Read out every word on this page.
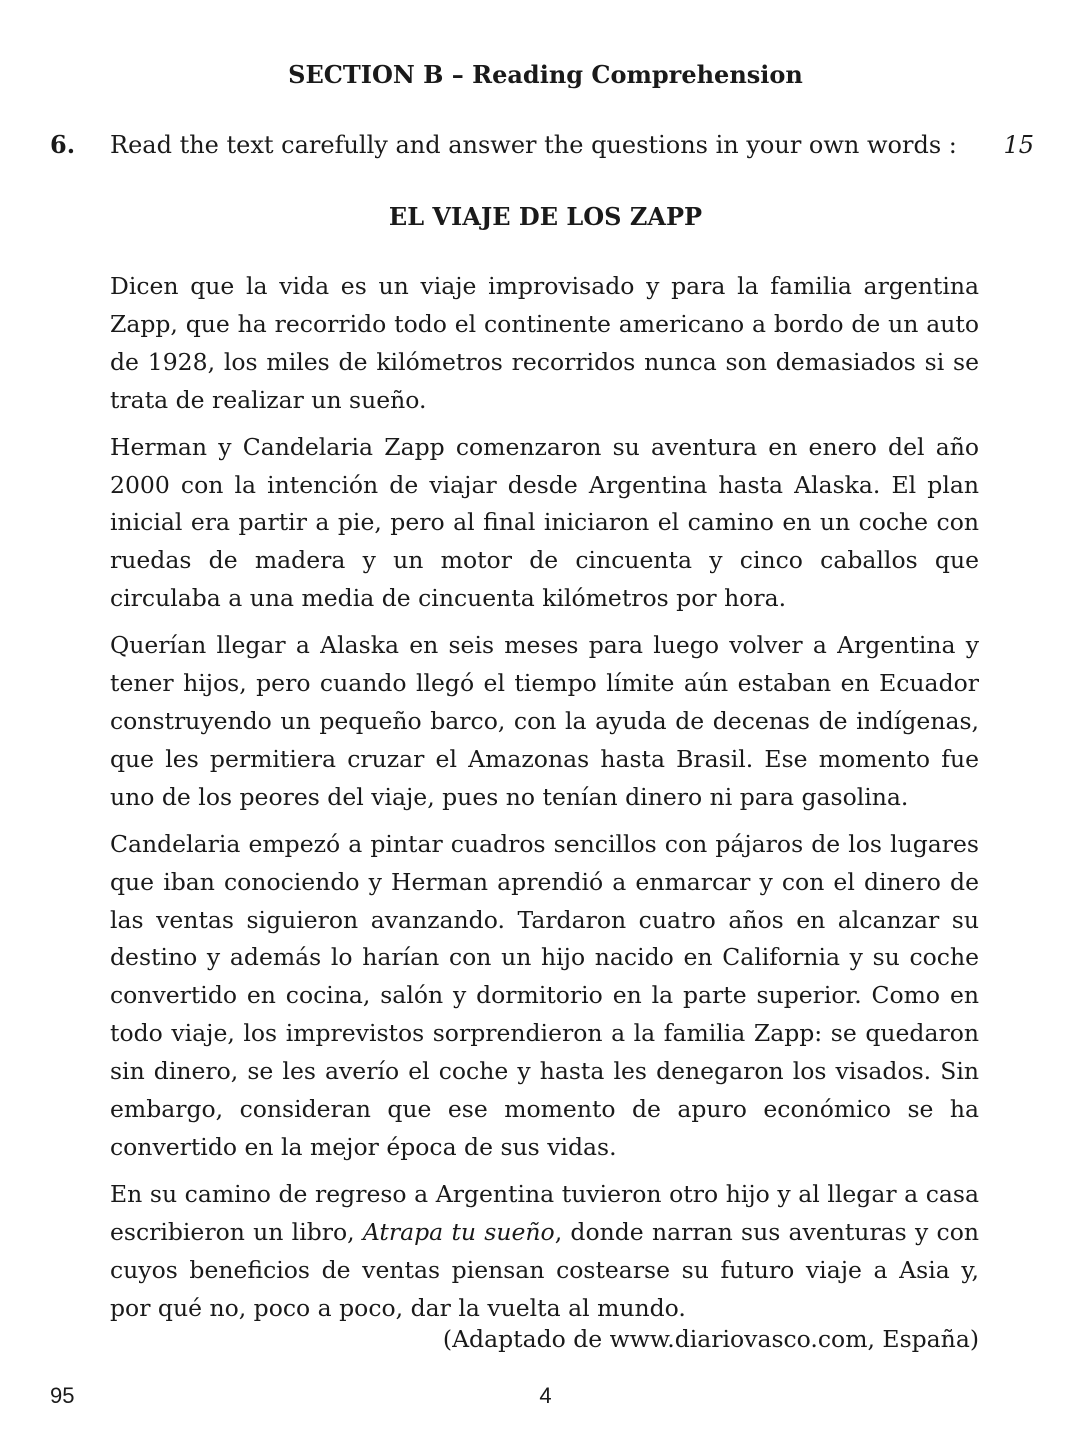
SECTION B – Reading Comprehension
6. Read the text carefully and answer the questions in your own words : 15
EL VIAJE DE LOS ZAPP

Dicen que la vida es un viaje improvisado y para la familia argentina Zapp, que ha recorrido todo el continente americano a bordo de un auto de 1928, los miles de kilómetros recorridos nunca son demasiados si se trata de realizar un sueño.

Herman y Candelaria Zapp comenzaron su aventura en enero del año 2000 con la intención de viajar desde Argentina hasta Alaska. El plan inicial era partir a pie, pero al final iniciaron el camino en un coche con ruedas de madera y un motor de cincuenta y cinco caballos que circulaba a una media de cincuenta kilómetros por hora.

Querían llegar a Alaska en seis meses para luego volver a Argentina y tener hijos, pero cuando llegó el tiempo límite aún estaban en Ecuador construyendo un pequeño barco, con la ayuda de decenas de indígenas, que les permitiera cruzar el Amazonas hasta Brasil. Ese momento fue uno de los peores del viaje, pues no tenían dinero ni para gasolina.

Candelaria empezó a pintar cuadros sencillos con pájaros de los lugares que iban conociendo y Herman aprendió a enmarcar y con el dinero de las ventas siguieron avanzando. Tardaron cuatro años en alcanzar su destino y además lo harían con un hijo nacido en California y su coche convertido en cocina, salón y dormitorio en la parte superior. Como en todo viaje, los imprevistos sorprendieron a la familia Zapp: se quedaron sin dinero, se les averío el coche y hasta les denegaron los visados. Sin embargo, consideran que ese momento de apuro económico se ha convertido en la mejor época de sus vidas.

En su camino de regreso a Argentina tuvieron otro hijo y al llegar a casa escribieron un libro, Atrapa tu sueño, donde narran sus aventuras y con cuyos beneficios de ventas piensan costearse su futuro viaje a Asia y, por qué no, poco a poco, dar la vuelta al mundo.

(Adaptado de www.diariovasco.com, España)
95	4
